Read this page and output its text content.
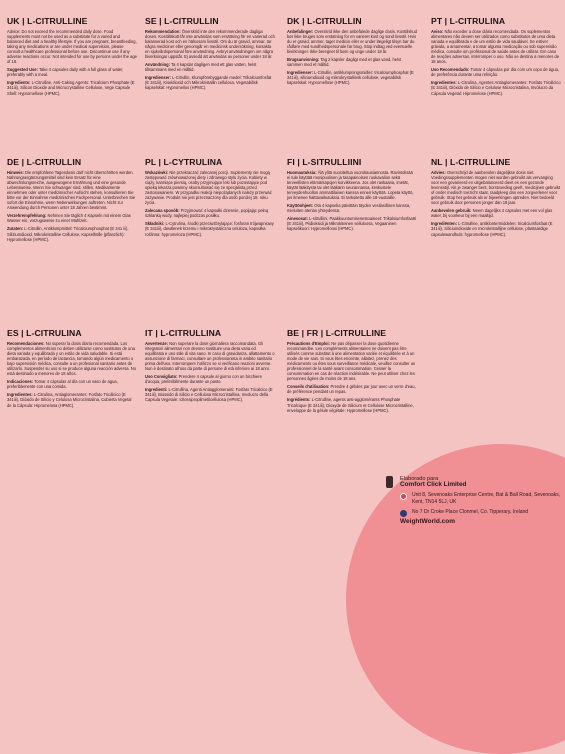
UK | L-CITRULLINE

Advice: Do not exceed the recommended daily dose. Food supplements must not be used as a substitute for a varied and balanced diet and a healthy lifestyle. If you are pregnant, breastfeeding, taking any medications or are under medical supervision, please consult a healthcare professional before use. Discontinue use if any adverse reactions occur. Not intended for use by persons under the age of 18.

Suggested Use: Take 4 capsules daily with a full glass of water, preferably with a meal.

Ingredients: L-Citrulline, Anti-Caking Agents: Tricalcium Phosphate (E 341iii), Silicon Dioxide and Microcrystalline Cellulose, Vege Capsule Shell: Hypromellose (HPMC).

SE | L-CITRULLIN

Rekommendation: Överskrid inte den rekommenderade dagliga dosen. Kosttillskott får inte användas som ersättning för en varierad och balanserad kost och en hälsosam livsstil. Om du är gravid, ammar, tar några mediciner eller genomgår en medicinsk undersökning, kontakta en sjukvårdspersonal före användning. Avbryt användningen om några biverkningar uppstår. Ej avsedd att användas av personer under 18 år.

Användning: Ta 4 kapslar dagligen med ett glas vatten, helst tillsammans med en måltid.

Ingredienser: L-Citrullin, Klumpförebyggande medel: Trikalciumfosfat (E 341iii), Kiseldioxid och Mikrokristallin cellulosa, Vegetabilisk kapselskal: Hypromellos (HPMC).

DK | L-CITRULLIN

Anbefalinger: Overskrid ikke den anbefalede daglige dosis. Kosttilskud bør ikke bruges som erstatning for en varieret kost og sund livsstil. Hvis du er gravid, ammer, tager medicin eller er under lægeligt tilsyn bør du rådføre med sundhedspersonale før brug. Stop indtag ved eventuelle bivirkninger. Ikke beregnet til børn og unge under 18 år.

Brugsanvisning: Tag 2 kapsler dagligt med et glas vand, helst sammen med et måltid.

Ingredienser: L-Citrullin, antiklumpningsmidler: tricalciumphosphat (E 341iii), siliciumdioxid og mikrokrystallinsk cellulose, vegetabilsk kapselskal: Hypromellose (HPMC).

PT | L-CITRULINA

Aviso: Não exceder a dose diária recomendada. Os suplementos alimentares não devem ser utilizados como substitutos de uma dieta variada e equilibrada e de um estilo de vida saudável. Se estiver grávida, a amamentar, a tomar alguma medicação ou sob supervisão médica, consulte um profissional de saúde antes de utilizar. Em caso de reações adversas, interromper o uso. Não se destina a menores de 18 anos.

Uso Recomendado: Tomar 4 cápsulas por dia com um copo de água, de preferência durante uma refeição.

Ingredientes: L-Citrulina, Agentes Antiaglomerantes: Fosfato Tricálcico (E 341iii), Dióxido de Silício e Celulose Microcristalina, Invólucro da Cápsula Vegetal: Hipromelose (HPMC).

DE | L-CITRULLIN

Hinweis: Die empfohlene Tagesdosis darf nicht überschritten werden. Nahrungsergänzungsmittel sind kein Ersatz für eine abwechslungsreiche, ausgewogene Ernährung und eine gesunde Lebensweise. Wenn Sie schwanger sind, stillen, Medikamente einnehmen oder unter medizinischer Aufsicht stehen, konsultieren Sie bitte vor der Einnahme medizinisches Fachpersonal. Unterbrechen Sie sofort die Einnahme, wenn Nebenwirkungen auftreten. Nicht zur Anwendung durch Personen unter 18 Jahren bestimmt.

Verzehrempfehlung: Nehmen Sie täglich 4 Kapseln mit einem Glas Wasser ein, vorzugsweise zu einer Mahlzeit.

Zutaten: L-Citrullin, Antiklumpmittel: Tricalciumphosphat (E 341 iii), Siliziumdioxid, Mikrokristalline Cellulose, Kapselhülle (pflanzlich): Hypromellose (HPMC).

PL | L-CYTRULINA

Wskazówki: Nie przekraczać zalecanej porcji. Suplementy nie mogą zastępować zrównoważonej diety i zdrowego stylu życia. Kobiety w ciąży, karmiące piersią, osoby przyjmujące leki lub pozostające pod opieką lekarza powinny skonsultować się ze specjalistą przed zastosowaniem. W przypadku reakcji niepożądanych należy przerwać zażywanie. Produkt nie jest przeznaczony dla osób poniżej 18. roku życia.

Zalecana sposób: Przyjmować 4 kapsułki dziennie, popijając pełną szklanką wody, najlepiej podczas posiłku.

Składniki: L-Cytrulina, środki przeciwzbrylające: fosforan trójwapniowy (E 341iii), dwutlenek krzemu i mikrokrystaliczna celuloza, kapsułka roślinna: hypromeloza (HPMC).

FI | L-SITRULLIINI

Huomautuksia: Älä ylitä suositeltua vuorokausiannosta. Ravintolisää ei tule käyttää monipuolisen ja tasapainoisen ruokavalion sekä terveellisten elämäntapojen korvikkeena. Jos olet raskaana, imetät, käytät lääkitystä tai olet lääkärin seurannassa, keskustele terveydenhuollon ammattilaisen kanssa ennen käyttöä. Lopeta käyttö, jos ilmenee haittavaikutuksia. Ei tarkoitettu alle 18-vuotiaille.

Käyttöohjeet: Ota 4 kapselia päivittäin täyden vesilasillisen kanssa, mieluiten aterian yhteydessä.

Ainesosat: L-sitrulliini, Paakkuuntumisenestoaineet: Trikalsiumfosfaatti (E 341iii), Piidioksidi ja Mikrokiteinen selluloosa, Vegaaninen kapselikuori: Hypromelloosi (HPMC).

NL | L-CITRULLINE

Advies: Overschrijd de aanbevolen dagelijkse dosis niet. Voedingssupplementen mogen niet worden gebruikt als vervanging voor een gevarieerd en uitgebalanceerd dieet en een gezonde levensstijl. Als je zwanger bent, borstvoeding geeft, medicijnen gebruikt of onder medisch toezicht staat, raadpleeg dan een zorgverlener voor gebruik. Stop het gebruik als er bijwerkingen optreden. Niet bedoeld voor gebruik door personen jonger dan 18 jaar.

Aanbevolen gebruik: Neem dagelijks 4 capsules met een vol glas water, bij voorkeur bij een maaltijd.

Ingrediënten: L-Citrulline, antiklontermiddelen: tricalciumfosfaat (E 341iii), Siliciumdioxide en microkristallijne cellulose, plantaardige capsulewandhuls: hypromellose (HPMC).

ES | L-CITRULINA

Recomendaciones: No superar la dosis diaria recomendada. Los complementos alimenticios no deben utilizarse como sustitutos de una dieta variada y equilibrada y un estilo de vida saludable. Si está embarazada, en período de lactancia, tomando algún medicamento o bajo supervisión médica, consulte a un profesional sanitario antes de utilizarlo. Suspender su uso si se produce alguna reacción adversa. No está destinado a menores de 18 años.

Indicaciones: Tomar 4 cápsulas al día con un vaso de agua, preferiblemente con una comida.

Ingredientes: L-Citrulina, Antiaglomerantes: Fosfato Tricálcico (E 341iii), Dióxido de Silicio y Celulosa Microcristalina, Cubierta Vegetal de la Cápsula: Hipromelosa (HPMC).

IT | L-CITRULLINA

Avvertenze: Non superare la dose giornaliera raccomandata. Gli integratori alimentari non devono sostituire una dieta varia ed equilibrata e uno stile di vita sano. In caso di gravidanza, allattamento o assunzione di farmaci, consultare un professionista in ambito sanitario prima dell'uso. Interrompere l'utilizzo se si verificano reazioni avverse. Non è destinato all'uso da parte di persone di età inferiore ai 18 anni.

Uso Consigliato: Prendere 4 capsule al giorno con un bicchiere d'acqua, preferibilmente durante un pasto.

Ingredienti: L-Citrullina, Agenti Antiagglomeranti: Fosfato Tricalcico (E 341iii), Biossido di Silicio e Cellulosa Microcristallina, Involucro della Capsula Vegetale: Idrossipropilmetilcellulosa (HPMC).

BE | FR | L-CITRULLINE

Précautions d'Emploi: Ne pas dépasser la dose quotidienne recommandée. Les compléments alimentaires ne doivent pas être utilisés comme substitut à une alimentation variée et équilibrée et à un mode de vie sain. Si vous êtes enceinte, allaitez, prenez des médicaments ou êtes sous surveillance médicale, veuillez consulter un professionnel de la santé avant consommation. Cesser la consommation en cas de réaction indésirable. Ne peut utiliser chez les personnes âgées de moins de 18 ans.

Conseils d'utilisation: Prendre 4 gélules par jour avec un verre d'eau, de préférence pendant un repas.

Ingrédients: L-Citrulline, agents anti-agglomérants Phosphate Tricalcique (E 341iii), Dioxyde de Silicium et Cellulose Microcristalline, enveloppe de la gélule végétale: Hypromellose (HPMC).

Elaborado para
Comfort Click Limited
Unit 8, Sevenoaks Enterprise Centre, Bat & Ball Road, Sevenoaks, Kent, TN14 5LJ, UK
No 7 Dr Croke Place Clonmel, Co. Tipperary, Ireland
WeightWorld.com
